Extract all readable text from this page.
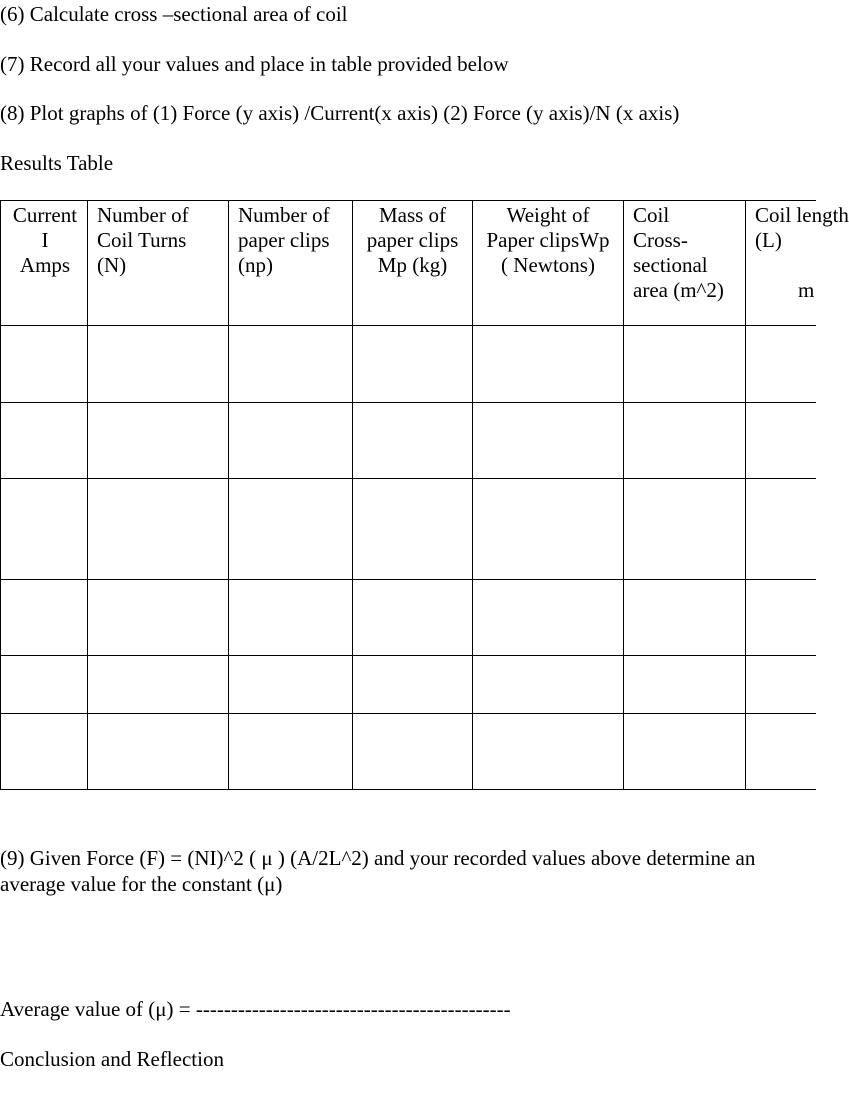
(6) Calculate cross –sectional area of coil
(7) Record all your values and place in table provided below
(8) Plot graphs of (1) Force (y axis) /Current(x axis) (2) Force (y axis)/N (x axis)
Results Table
Current
I
Amps
Number of
Coil Turns
(N)
Number of
paper clips
(np)
Mass of
paper clips
Mp (kg)
Weight of
Paper clipsWp
( Newtons)
Coil
Cross-
sectional
area (m^2)
Coil length
(L)
m
(9) Given Force (F) = (NI)^2 ( μ ) (A/2L^2) and your recorded values above determine an
average value for the constant (μ)
Average value of (μ) = ---------------------------------------------
Conclusion and Reflection
